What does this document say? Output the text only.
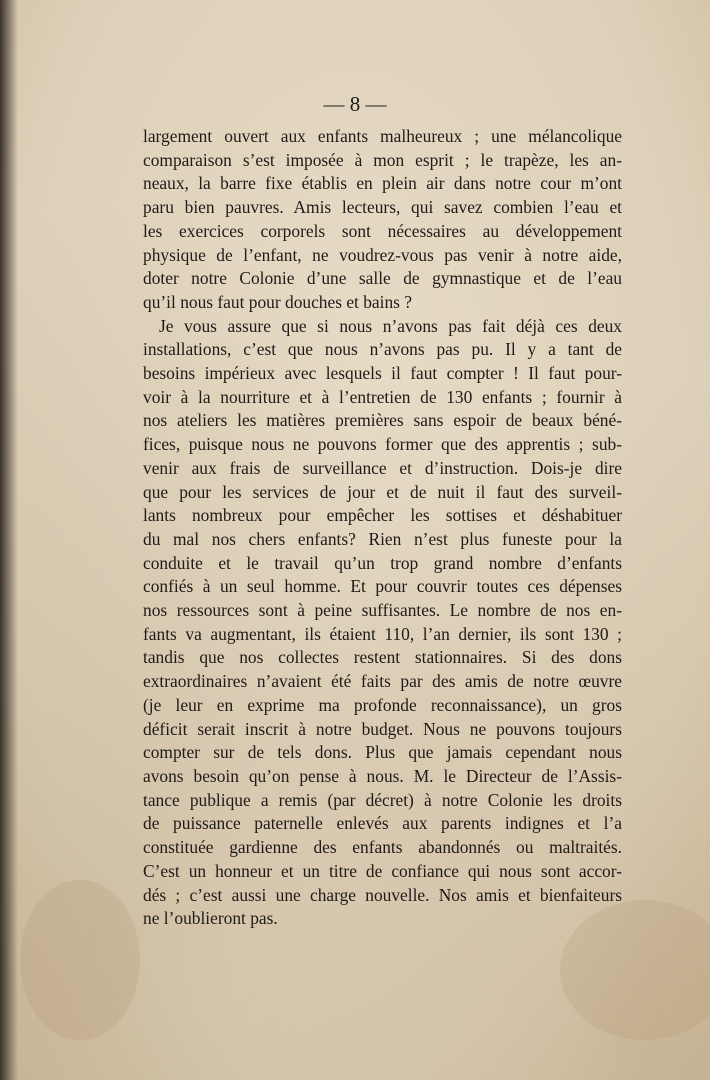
— 8 —
largement ouvert aux enfants malheureux ; une mélancolique
comparaison s’est imposée à mon esprit ; le trapèze, les an-
neaux, la barre fixe établis en plein air dans notre cour m’ont
paru bien pauvres. Amis lecteurs, qui savez combien l’eau et
les exercices corporels sont nécessaires au développement
physique de l’enfant, ne voudrez-vous pas venir à notre aide,
doter notre Colonie d’une salle de gymnastique et de l’eau
qu’il nous faut pour douches et bains ?
Je vous assure que si nous n’avons pas fait déjà ces deux
installations, c’est que nous n’avons pas pu. Il y a tant de
besoins impérieux avec lesquels il faut compter ! Il faut pour-
voir à la nourriture et à l’entretien de 130 enfants ; fournir à
nos ateliers les matières premières sans espoir de beaux béné-
fices, puisque nous ne pouvons former que des apprentis ; sub-
venir aux frais de surveillance et d’instruction. Dois-je dire
que pour les services de jour et de nuit il faut des surveil-
lants nombreux pour empêcher les sottises et déshabituer
du mal nos chers enfants? Rien n’est plus funeste pour la
conduite et le travail qu’un trop grand nombre d’enfants
confiés à un seul homme. Et pour couvrir toutes ces dépenses
nos ressources sont à peine suffisantes. Le nombre de nos en-
fants va augmentant, ils étaient 110, l’an dernier, ils sont 130 ;
tandis que nos collectes restent stationnaires. Si des dons
extraordinaires n’avaient été faits par des amis de notre œuvre
(je leur en exprime ma profonde reconnaissance), un gros
déficit serait inscrit à notre budget. Nous ne pouvons toujours
compter sur de tels dons. Plus que jamais cependant nous
avons besoin qu’on pense à nous. M. le Directeur de l’Assis-
tance publique a remis (par décret) à notre Colonie les droits
de puissance paternelle enlevés aux parents indignes et l’a
constituée gardienne des enfants abandonnés ou maltraités.
C’est un honneur et un titre de confiance qui nous sont accor-
dés ; c’est aussi une charge nouvelle. Nos amis et bienfaiteurs
ne l’oublieront pas.
